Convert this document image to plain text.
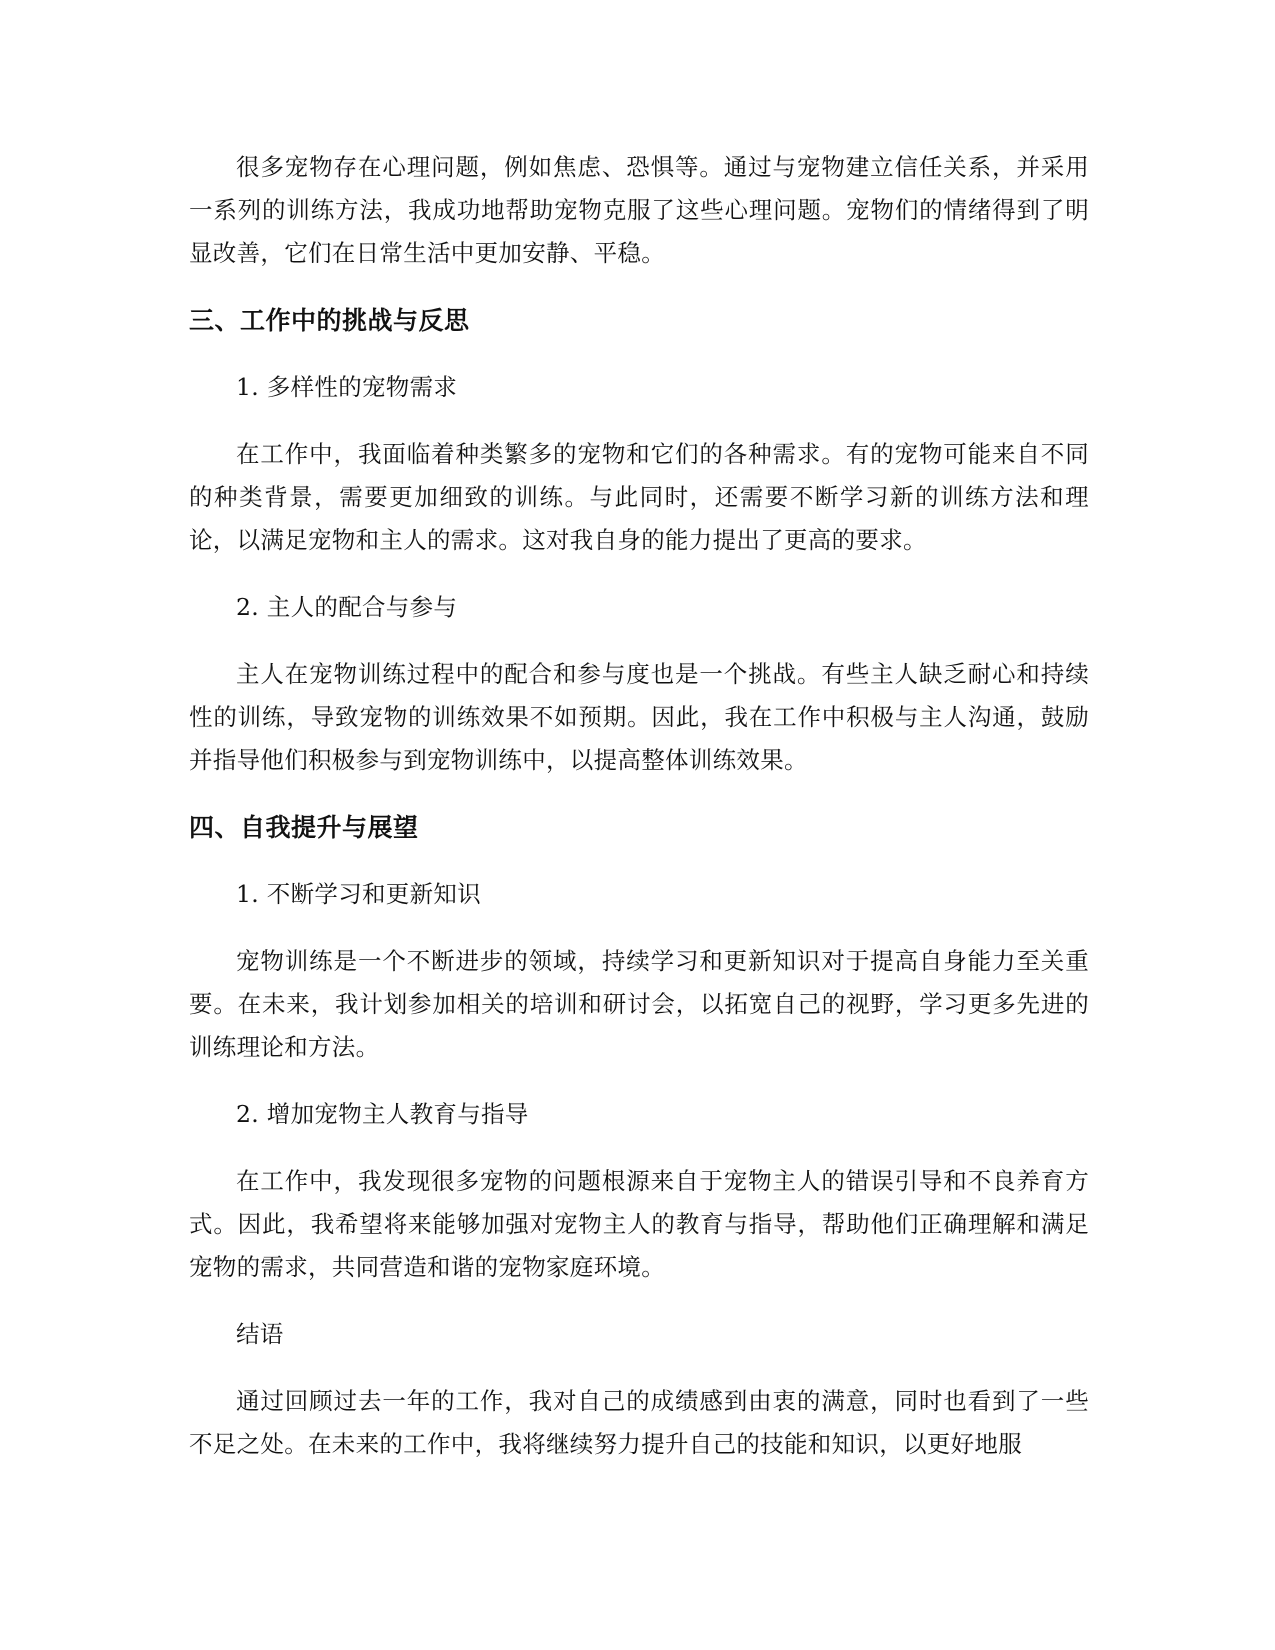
很多宠物存在心理问题，例如焦虑、恐惧等。通过与宠物建立信任关系，并采用一系列的训练方法，我成功地帮助宠物克服了这些心理问题。宠物们的情绪得到了明显改善，它们在日常生活中更加安静、平稳。

三、工作中的挑战与反思

1. 多样性的宠物需求

在工作中，我面临着种类繁多的宠物和它们的各种需求。有的宠物可能来自不同的种类背景，需要更加细致的训练。与此同时，还需要不断学习新的训练方法和理论，以满足宠物和主人的需求。这对我自身的能力提出了更高的要求。

2. 主人的配合与参与

主人在宠物训练过程中的配合和参与度也是一个挑战。有些主人缺乏耐心和持续性的训练，导致宠物的训练效果不如预期。因此，我在工作中积极与主人沟通，鼓励并指导他们积极参与到宠物训练中，以提高整体训练效果。

四、自我提升与展望

1. 不断学习和更新知识

宠物训练是一个不断进步的领域，持续学习和更新知识对于提高自身能力至关重要。在未来，我计划参加相关的培训和研讨会，以拓宽自己的视野，学习更多先进的训练理论和方法。

2. 增加宠物主人教育与指导

在工作中，我发现很多宠物的问题根源来自于宠物主人的错误引导和不良养育方式。因此，我希望将来能够加强对宠物主人的教育与指导，帮助他们正确理解和满足宠物的需求，共同营造和谐的宠物家庭环境。

结语

通过回顾过去一年的工作，我对自己的成绩感到由衷的满意，同时也看到了一些不足之处。在未来的工作中，我将继续努力提升自己的技能和知识，以更好地服
